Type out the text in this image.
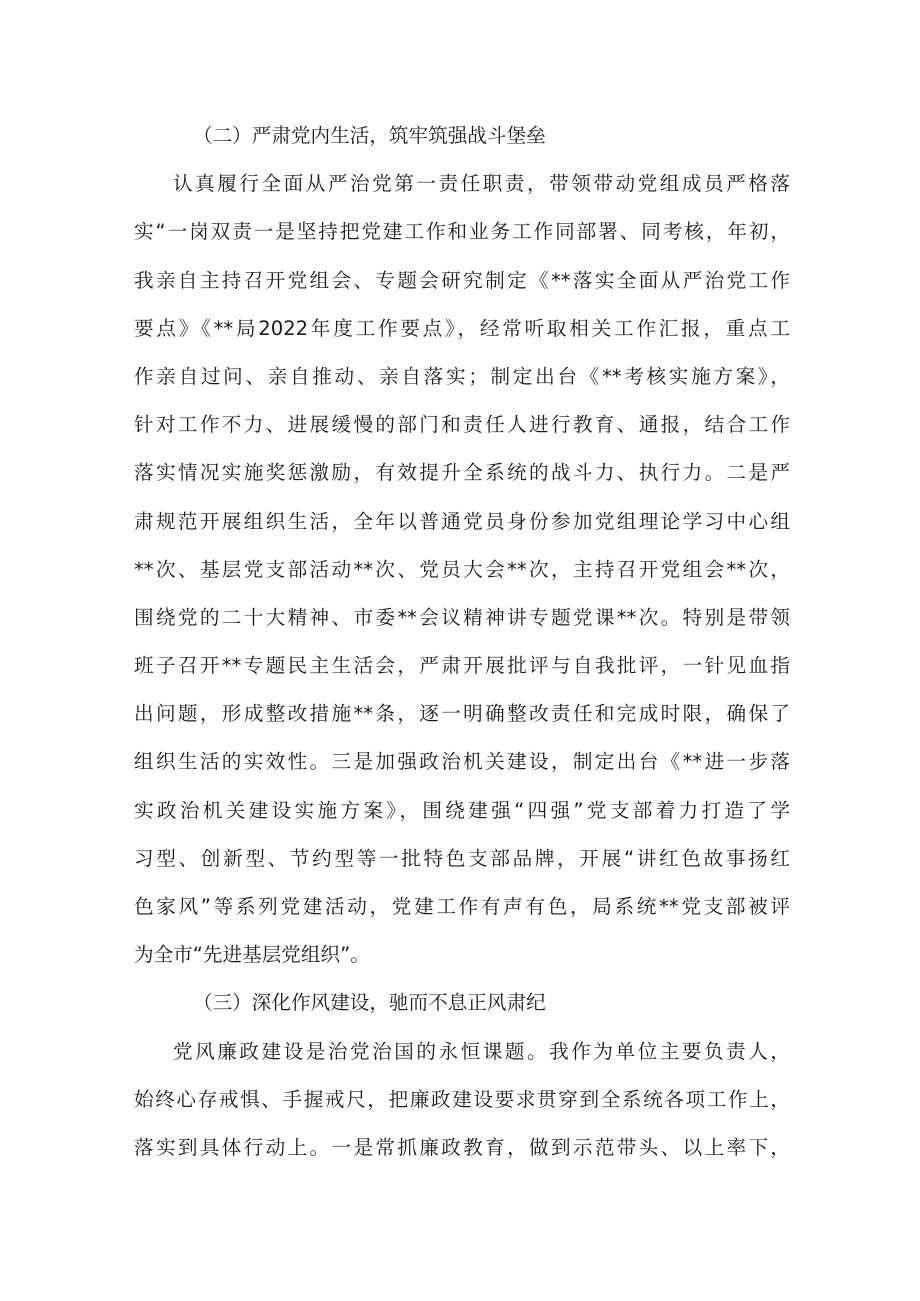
（二）严肃党内生活，筑牢筑强战斗堡垒
认真履行全面从严治党第一责任职责，带领带动党组成员严格落
实“一岗双责一是坚持把党建工作和业务工作同部署、同考核，年初，
我亲自主持召开党组会、专题会研究制定《**落实全面从严治党工作
要点》《**局2022年度工作要点》，经常听取相关工作汇报，重点工
作亲自过问、亲自推动、亲自落实；制定出台《**考核实施方案》，
针对工作不力、进展缓慢的部门和责任人进行教育、通报，结合工作
落实情况实施奖惩激励，有效提升全系统的战斗力、执行力。二是严
肃规范开展组织生活，全年以普通党员身份参加党组理论学习中心组
**次、基层党支部活动**次、党员大会**次，主持召开党组会**次，
围绕党的二十大精神、市委**会议精神讲专题党课**次。特别是带领
班子召开**专题民主生活会，严肃开展批评与自我批评，一针见血指
出问题，形成整改措施**条，逐一明确整改责任和完成时限，确保了
组织生活的实效性。三是加强政治机关建设，制定出台《**进一步落
实政治机关建设实施方案》，围绕建强“四强”党支部着力打造了学
习型、创新型、节约型等一批特色支部品牌，开展“讲红色故事扬红
色家风”等系列党建活动，党建工作有声有色，局系统**党支部被评
为全市“先进基层党组织”。
（三）深化作风建设，驰而不息正风肃纪
党风廉政建设是治党治国的永恒课题。我作为单位主要负责人，
始终心存戒惧、手握戒尺，把廉政建设要求贯穿到全系统各项工作上，
落实到具体行动上。一是常抓廉政教育，做到示范带头、以上率下，
